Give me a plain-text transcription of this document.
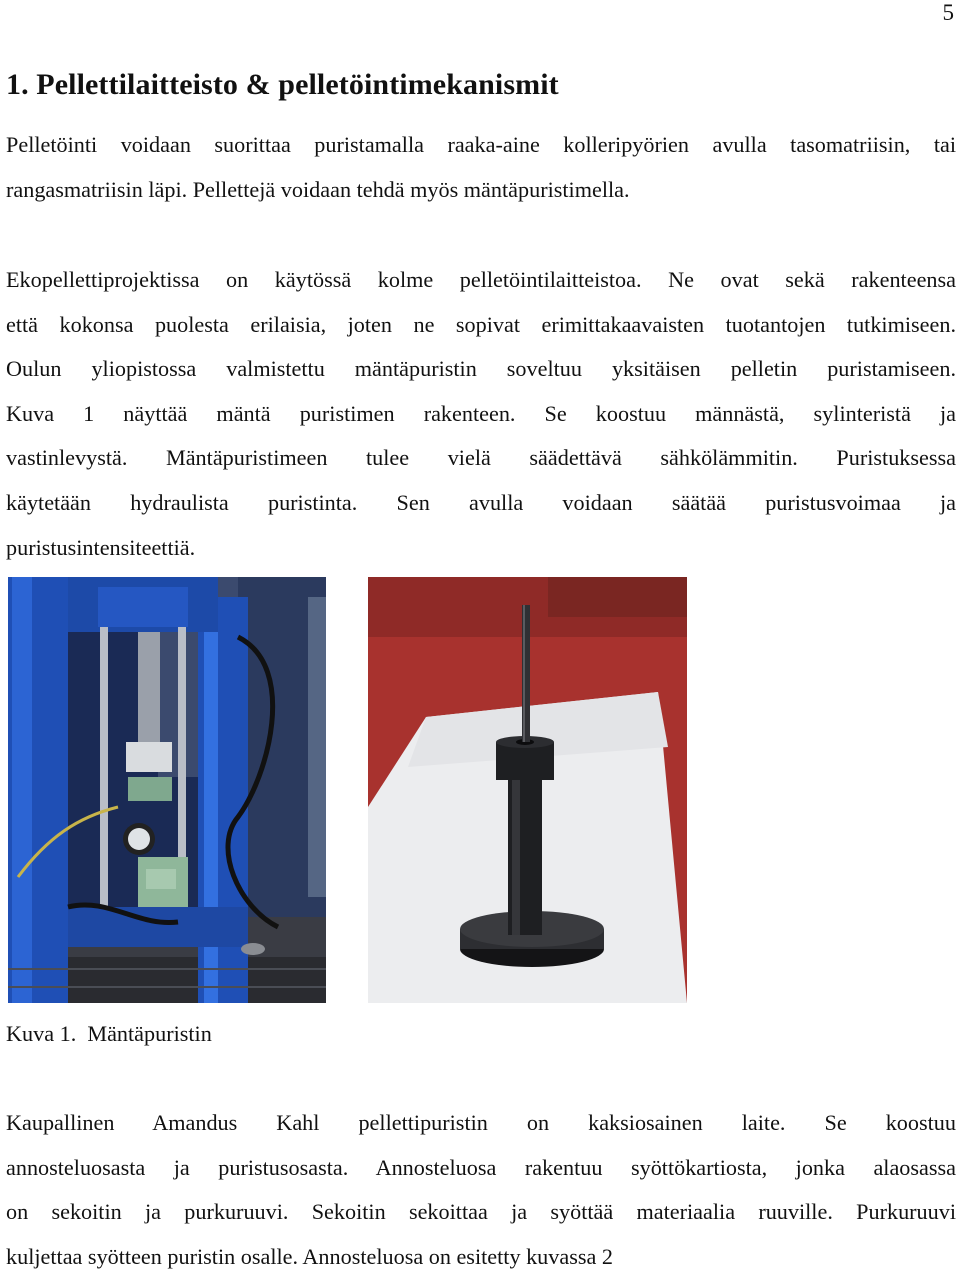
5
1. Pellettilaitteisto & pelletöintimekanismit

Pelletöinti voidaan suorittaa puristamalla raaka-aine kolleripyörien avulla tasomatriisin, tai
rangasmatriisin läpi. Pellettejä voidaan tehdä myös mäntäpuristimella.

Ekopellettiprojektissa on käytössä kolme pelletöintilaitteistoa. Ne ovat sekä rakenteensa
että kokonsa puolesta erilaisia, joten ne sopivat erimittakaavaisten tuotantojen tutkimiseen.
Oulun yliopistossa valmistettu mäntäpuristin soveltuu yksitäisen pelletin puristamiseen.
Kuva 1 näyttää mäntä puristimen rakenteen. Se koostuu männästä, sylinteristä ja
vastinlevystä. Mäntäpuristimeen tulee vielä säädettävä sähkölämmitin. Puristuksessa
käytetään hydraulista puristinta. Sen avulla voidaan säätää puristusvoimaa ja
puristusintensiteettiä.

Kuva 1.  Mäntäpuristin

Kaupallinen Amandus Kahl pellettipuristin on kaksiosainen laite. Se koostuu
annosteluosasta ja puristusosasta. Annosteluosa rakentuu syöttökartiosta, jonka alaosassa
on sekoitin ja purkuruuvi. Sekoitin sekoittaa ja syöttää materiaalia ruuville. Purkuruuvi
kuljettaa syötteen puristin osalle. Annosteluosa on esitetty kuvassa 2
